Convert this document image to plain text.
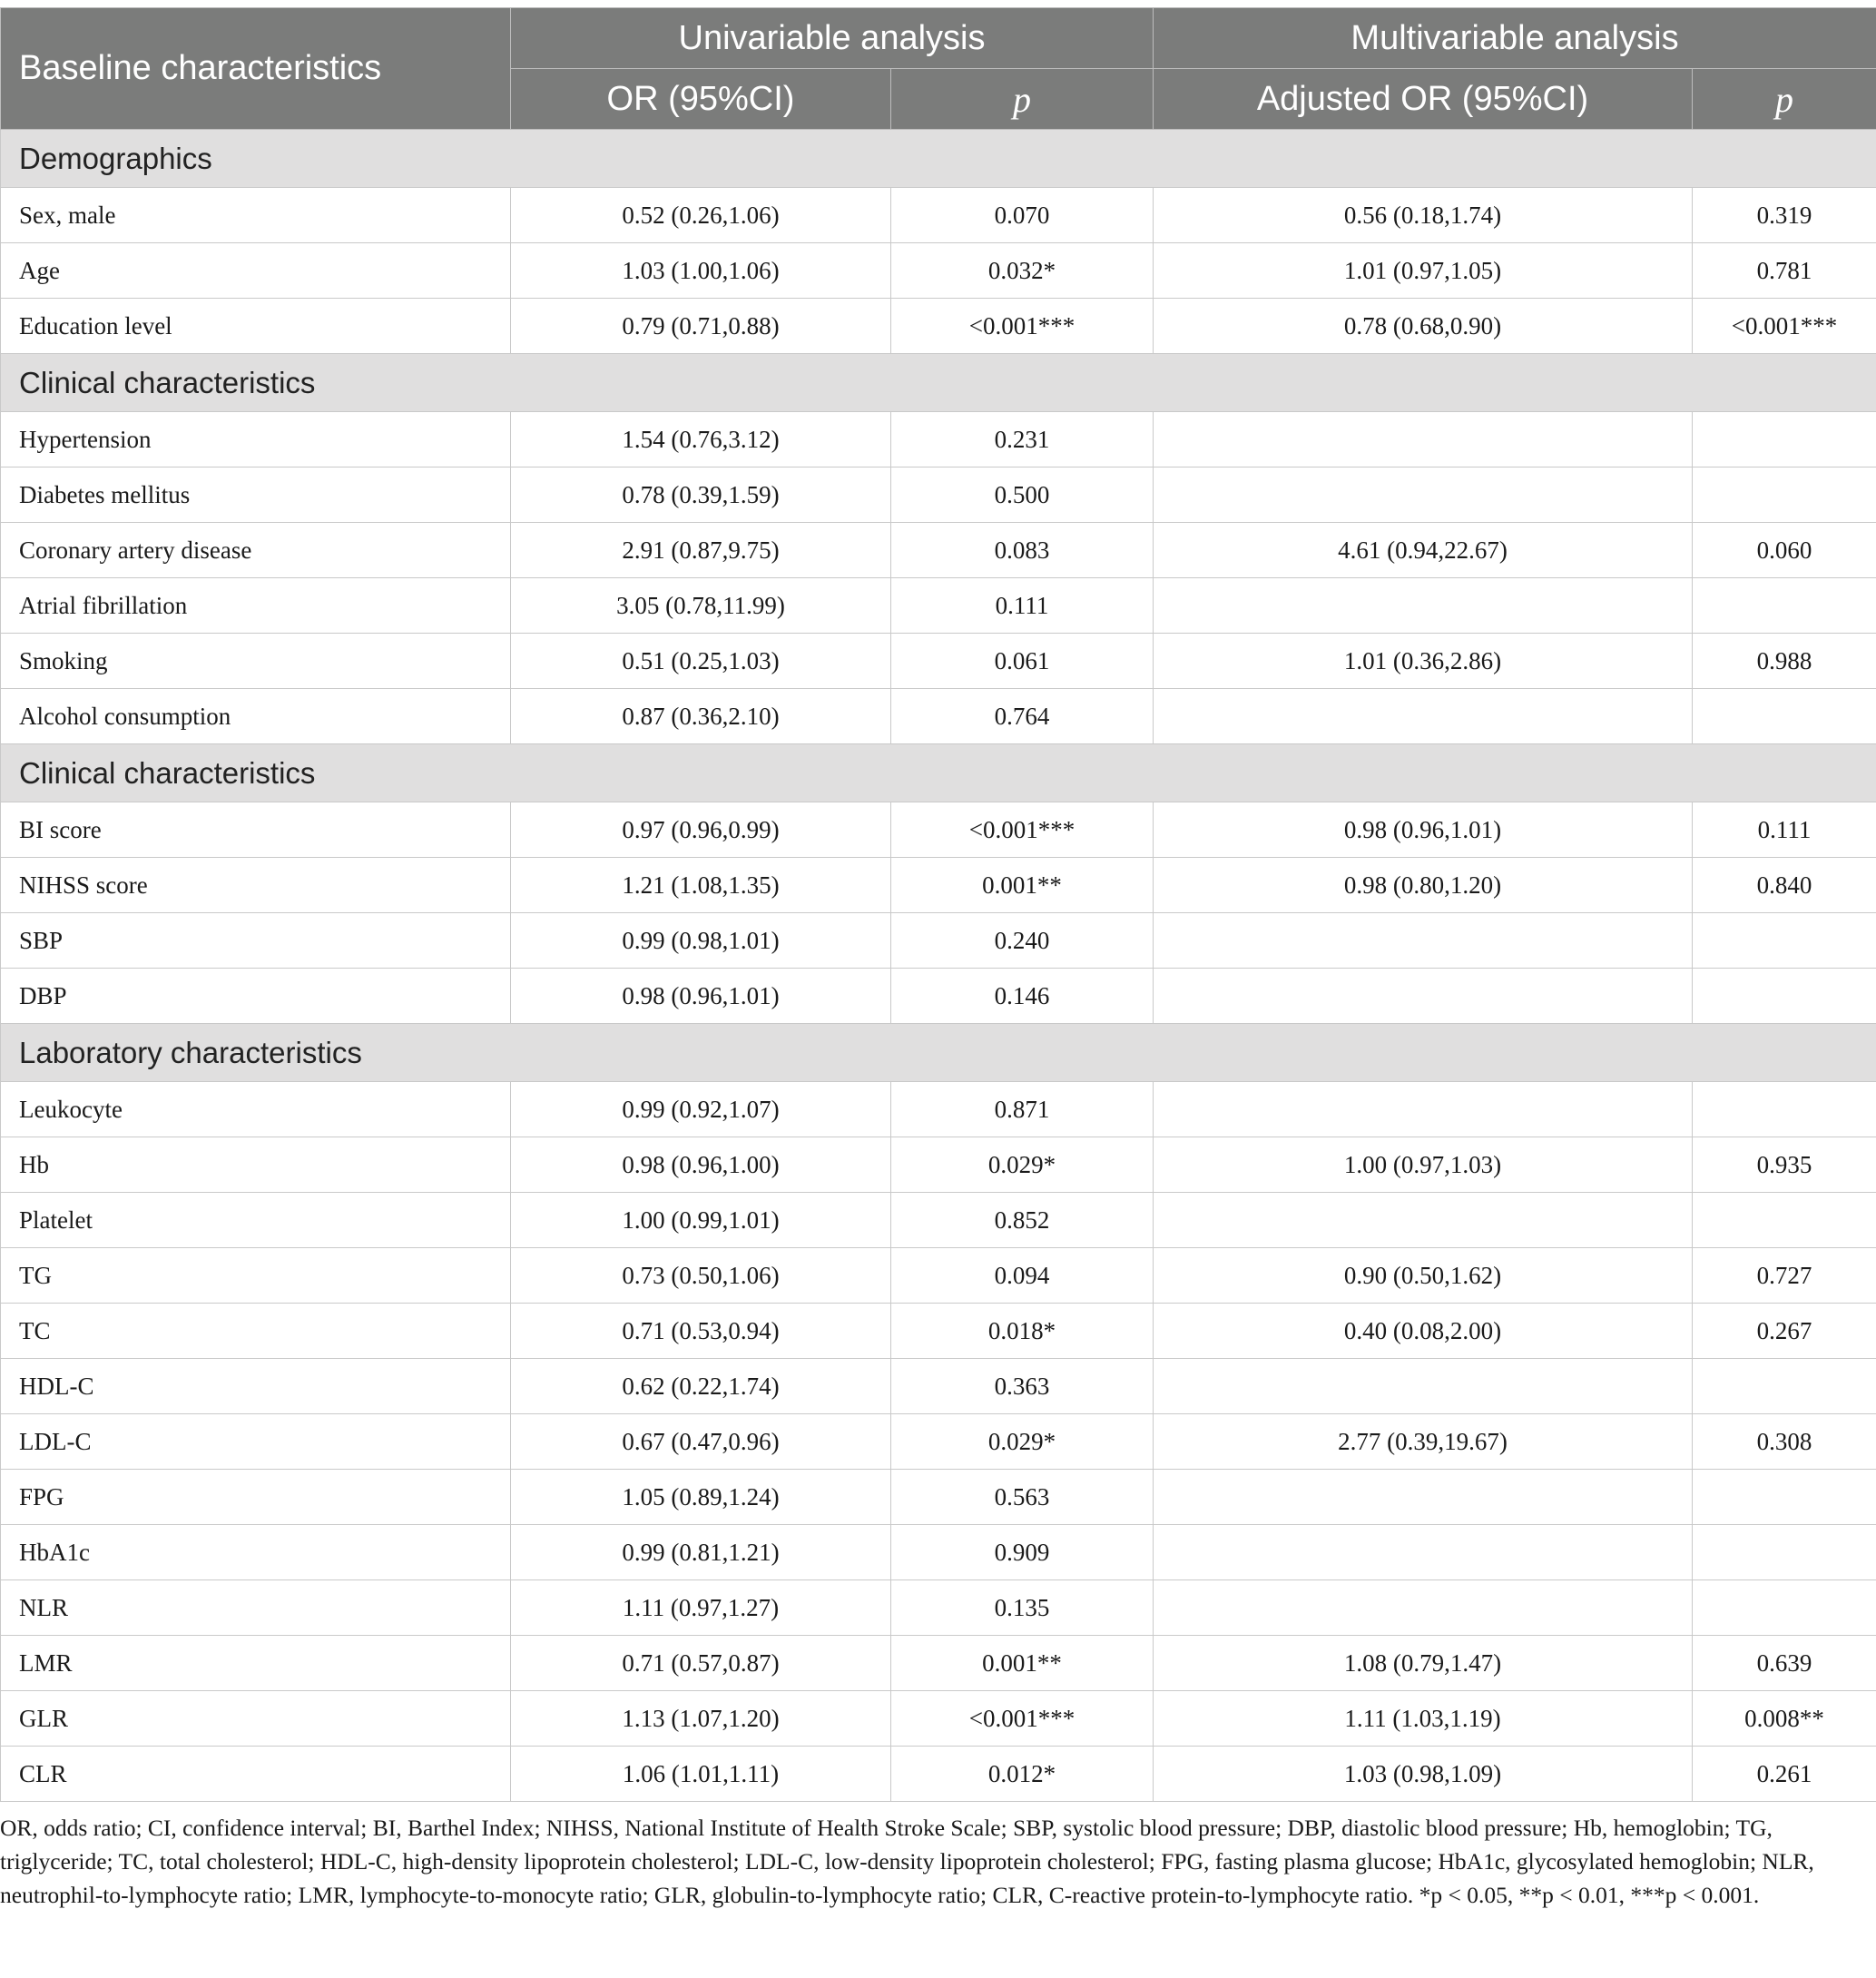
Baseline characteristics	Univariable analysis		Multivariable analysis	
	OR (95%CI)	p	Adjusted OR (95%CI)	p
Demographics				
Sex, male	0.52 (0.26,1.06)	0.070	0.56 (0.18,1.74)	0.319
Age	1.03 (1.00,1.06)	0.032*	1.01 (0.97,1.05)	0.781
Education level	0.79 (0.71,0.88)	<0.001***	0.78 (0.68,0.90)	<0.001***
Clinical characteristics				
Hypertension	1.54 (0.76,3.12)	0.231		
Diabetes mellitus	0.78 (0.39,1.59)	0.500		
Coronary artery disease	2.91 (0.87,9.75)	0.083	4.61 (0.94,22.67)	0.060
Atrial fibrillation	3.05 (0.78,11.99)	0.111		
Smoking	0.51 (0.25,1.03)	0.061	1.01 (0.36,2.86)	0.988
Alcohol consumption	0.87 (0.36,2.10)	0.764		
Clinical characteristics				
BI score	0.97 (0.96,0.99)	<0.001***	0.98 (0.96,1.01)	0.111
NIHSS score	1.21 (1.08,1.35)	0.001**	0.98 (0.80,1.20)	0.840
SBP	0.99 (0.98,1.01)	0.240		
DBP	0.98 (0.96,1.01)	0.146		
Laboratory characteristics				
Leukocyte	0.99 (0.92,1.07)	0.871		
Hb	0.98 (0.96,1.00)	0.029*	1.00 (0.97,1.03)	0.935
Platelet	1.00 (0.99,1.01)	0.852		
TG	0.73 (0.50,1.06)	0.094	0.90 (0.50,1.62)	0.727
TC	0.71 (0.53,0.94)	0.018*	0.40 (0.08,2.00)	0.267
HDL-C	0.62 (0.22,1.74)	0.363		
LDL-C	0.67 (0.47,0.96)	0.029*	2.77 (0.39,19.67)	0.308
FPG	1.05 (0.89,1.24)	0.563		
HbA1c	0.99 (0.81,1.21)	0.909		
NLR	1.11 (0.97,1.27)	0.135		
LMR	0.71 (0.57,0.87)	0.001**	1.08 (0.79,1.47)	0.639
GLR	1.13 (1.07,1.20)	<0.001***	1.11 (1.03,1.19)	0.008**
CLR	1.06 (1.01,1.11)	0.012*	1.03 (0.98,1.09)	0.261
OR, odds ratio; CI, confidence interval; BI, Barthel Index; NIHSS, National Institute of Health Stroke Scale; SBP, systolic blood pressure; DBP, diastolic blood pressure; Hb, hemoglobin; TG, triglyceride; TC, total cholesterol; HDL-C, high-density lipoprotein cholesterol; LDL-C, low-density lipoprotein cholesterol; FPG, fasting plasma glucose; HbA1c, glycosylated hemoglobin; NLR, neutrophil-to-lymphocyte ratio; LMR, lymphocyte-to-monocyte ratio; GLR, globulin-to-lymphocyte ratio; CLR, C-reactive protein-to-lymphocyte ratio. *p < 0.05, **p < 0.01, ***p < 0.001.
